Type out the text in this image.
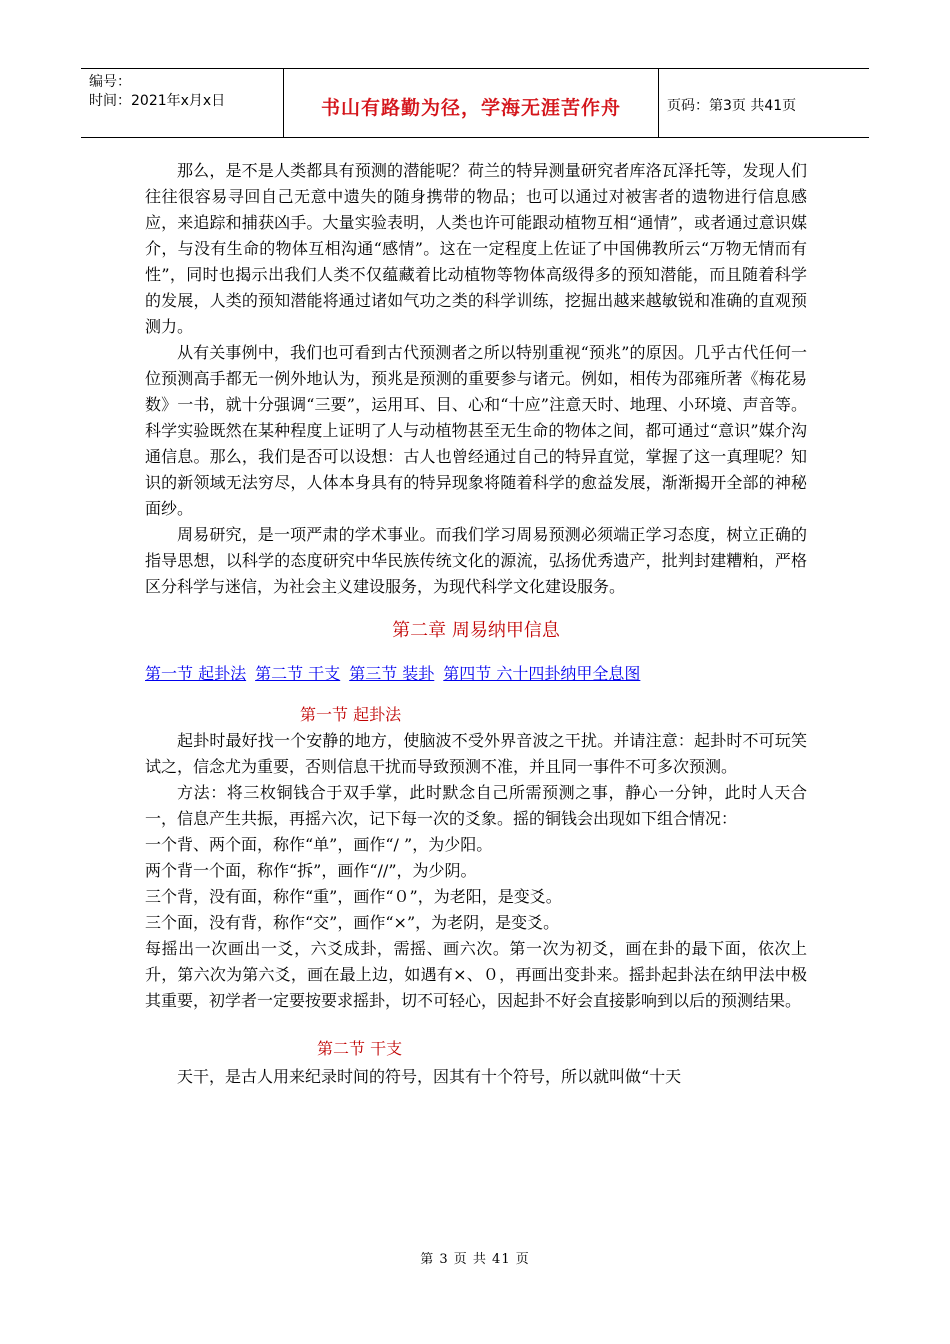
编号：
时间：2021年x月x日	书山有路勤为径，学海无涯苦作舟	页码：第3页 共41页

那么，是不是人类都具有预测的潜能呢？荷兰的特异测量研究者库洛瓦泽托等，发现人们往往很容易寻回自己无意中遗失的随身携带的物品；也可以通过对被害者的遗物进行信息感应，来追踪和捕获凶手。大量实验表明，人类也许可能跟动植物互相“通情”，或者通过意识媒介，与没有生命的物体互相沟通“感情”。这在一定程度上佐证了中国佛教所云“万物无情而有性”，同时也揭示出我们人类不仅蕴藏着比动植物等物体高级得多的预知潜能，而且随着科学的发展，人类的预知潜能将通过诸如气功之类的科学训练，挖掘出越来越敏锐和准确的直观预测力。

从有关事例中，我们也可看到古代预测者之所以特别重视“预兆”的原因。几乎古代任何一位预测高手都无一例外地认为，预兆是预测的重要参与诸元。例如，相传为邵雍所著《梅花易数》一书，就十分强调“三要”，运用耳、目、心和“十应”注意天时、地理、小环境、声音等。科学实验既然在某种程度上证明了人与动植物甚至无生命的物体之间，都可通过“意识”媒介沟通信息。那么，我们是否可以设想：古人也曾经通过自己的特异直觉，掌握了这一真理呢？知识的新领域无法穷尽，人体本身具有的特异现象将随着科学的愈益发展，渐渐揭开全部的神秘面纱。

周易研究，是一项严肃的学术事业。而我们学习周易预测必须端正学习态度，树立正确的指导思想，以科学的态度研究中华民族传统文化的源流，弘扬优秀遗产，批判封建糟粕，严格区分科学与迷信，为社会主义建设服务，为现代科学文化建设服务。

第二章 周易纳甲信息
第一节 起卦法 第二节 干支 第三节 装卦 第四节 六十四卦纳甲全息图
第一节 起卦法

起卦时最好找一个安静的地方，使脑波不受外界音波之干扰。并请注意：起卦时不可玩笑试之，信念尤为重要，否则信息干扰而导致预测不准，并且同一事件不可多次预测。

方法：将三枚铜钱合于双手掌，此时默念自己所需预测之事，静心一分钟，此时人天合一，信息产生共振，再摇六次，记下每一次的爻象。摇的铜钱会出现如下组合情况：

一个背、两个面，称作“单”，画作“/ ”，为少阳。

两个背一个面，称作“拆”，画作“//”，为少阴。

三个背，没有面，称作“重”，画作“０”，为老阳，是变爻。

三个面，没有背，称作“交”，画作“×”，为老阴，是变爻。

每摇出一次画出一爻，六爻成卦，需摇、画六次。第一次为初爻，画在卦的最下面，依次上升，第六次为第六爻，画在最上边，如遇有×、０，再画出变卦来。摇卦起卦法在纳甲法中极其重要，初学者一定要按要求摇卦，切不可轻心，因起卦不好会直接影响到以后的预测结果。

第二节 干支

天干，是古人用来纪录时间的符号，因其有十个符号，所以就叫做“十天

第 3 页 共 41 页
